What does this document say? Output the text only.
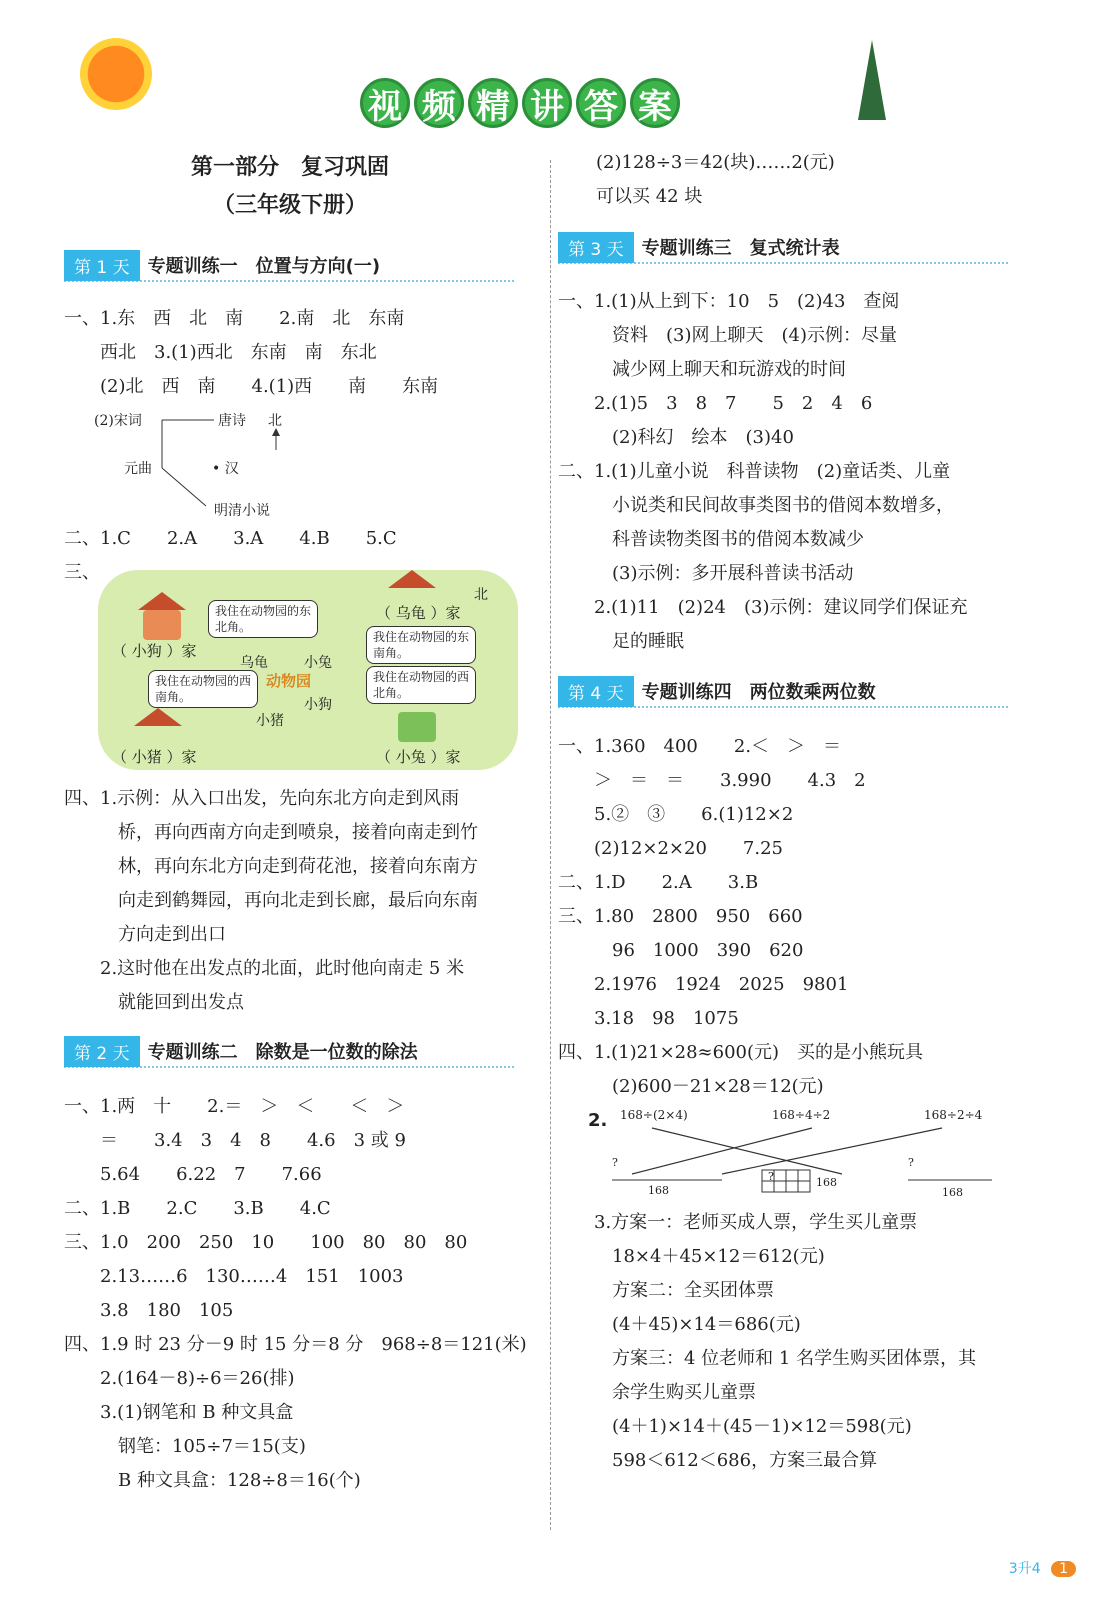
视 频 精 讲 答 案
第一部分　复习巩固
（三年级下册）
第 1 天	专题训练一　位置与方向(一)
一、1.东　西　北　南　　2.南　北　东南
　　西北　3.(1)西北　东南　南　东北
　　(2)北　西　南　　4.(1)西　　南　　东南
(2)宋词	唐诗 北
元曲	• 汉
明清小说
二、1.C　　2.A　　3.A　　4.B　　5.C
三、
北
我住在动物园的东北角。
我住在动物园的东南角。
我住在动物园的西南角。
我住在动物园的西北角。
（ 小狗 ）家
（ 乌龟 ）家
（ 小猪 ）家	（ 小兔 ）家
动物园
乌龟	小兔
小狗
小猪
四、1.示例：从入口出发，先向东北方向走到风雨
　　　桥，再向西南方向走到喷泉，接着向南走到竹
　　　林，再向东北方向走到荷花池，接着向东南方
　　　向走到鹤舞园，再向北走到长廊，最后向东南
　　　方向走到出口
　　2.这时他在出发点的北面，此时他向南走 5 米
　　　就能回到出发点
第 2 天	专题训练二　除数是一位数的除法
一、1.两　十　　2.＝　＞　＜　　＜　＞
　　＝　　3.4　3　4　8　　4.6　3 或 9
　　5.64　　6.22　7　　7.66
二、1.B　　2.C　　3.B　　4.C
三、1.0　200　250　10　　100　80　80　80
　　2.13……6　130……4　151　1003
　　3.8　180　105
四、1.9 时 23 分－9 时 15 分＝8 分　968÷8＝121(米)
　　2.(164－8)÷6＝26(排)
　　3.(1)钢笔和 B 种文具盒
　　　钢笔：105÷7＝15(支)
　　　B 种文具盒：128÷8＝16(个)
　　(2)128÷3＝42(块)……2(元)
　　可以买 42 块
第 3 天	专题训练三　复式统计表
一、1.(1)从上到下：10　5　(2)43　查阅
　　　资料　(3)网上聊天　(4)示例：尽量
　　　减少网上聊天和玩游戏的时间
　　2.(1)5　3　8　7　　5　2　4　6
　　　(2)科幻　绘本　(3)40
二、1.(1)儿童小说　科普读物　(2)童话类、儿童
　　　小说类和民间故事类图书的借阅本数增多，
　　　科普读物类图书的借阅本数减少
　　　(3)示例：多开展科普读书活动
　　2.(1)11　(2)24　(3)示例：建议同学们保证充
　　　足的睡眠
第 4 天	专题训练四　两位数乘两位数
一、1.360　400　　2.＜　＞　＝
　　＞　＝　＝　　3.990　　4.3　2
　　5.②　③　　6.(1)12×2
　　(2)12×2×20　　7.25
二、1.D　　2.A　　3.B
三、1.80　2800　950　660
　　　96　1000　390　620
　　2.1976　1924　2025　9801
　　3.18　98　1075
四、1.(1)21×28≈600(元)　买的是小熊玩具
　　　(2)600－21×28＝12(元)
2. 168÷(2×4)	168÷4÷2	168÷2÷4
?
?
?
168
168
168
　　3.方案一：老师买成人票，学生买儿童票
　　　18×4＋45×12＝612(元)
　　　方案二：全买团体票
　　　(4＋45)×14＝686(元)
　　　方案三：4 位老师和 1 名学生购买团体票，其
　　　余学生购买儿童票
　　　(4＋1)×14＋(45－1)×12＝598(元)
　　　598＜612＜686，方案三最合算
3升4 1
